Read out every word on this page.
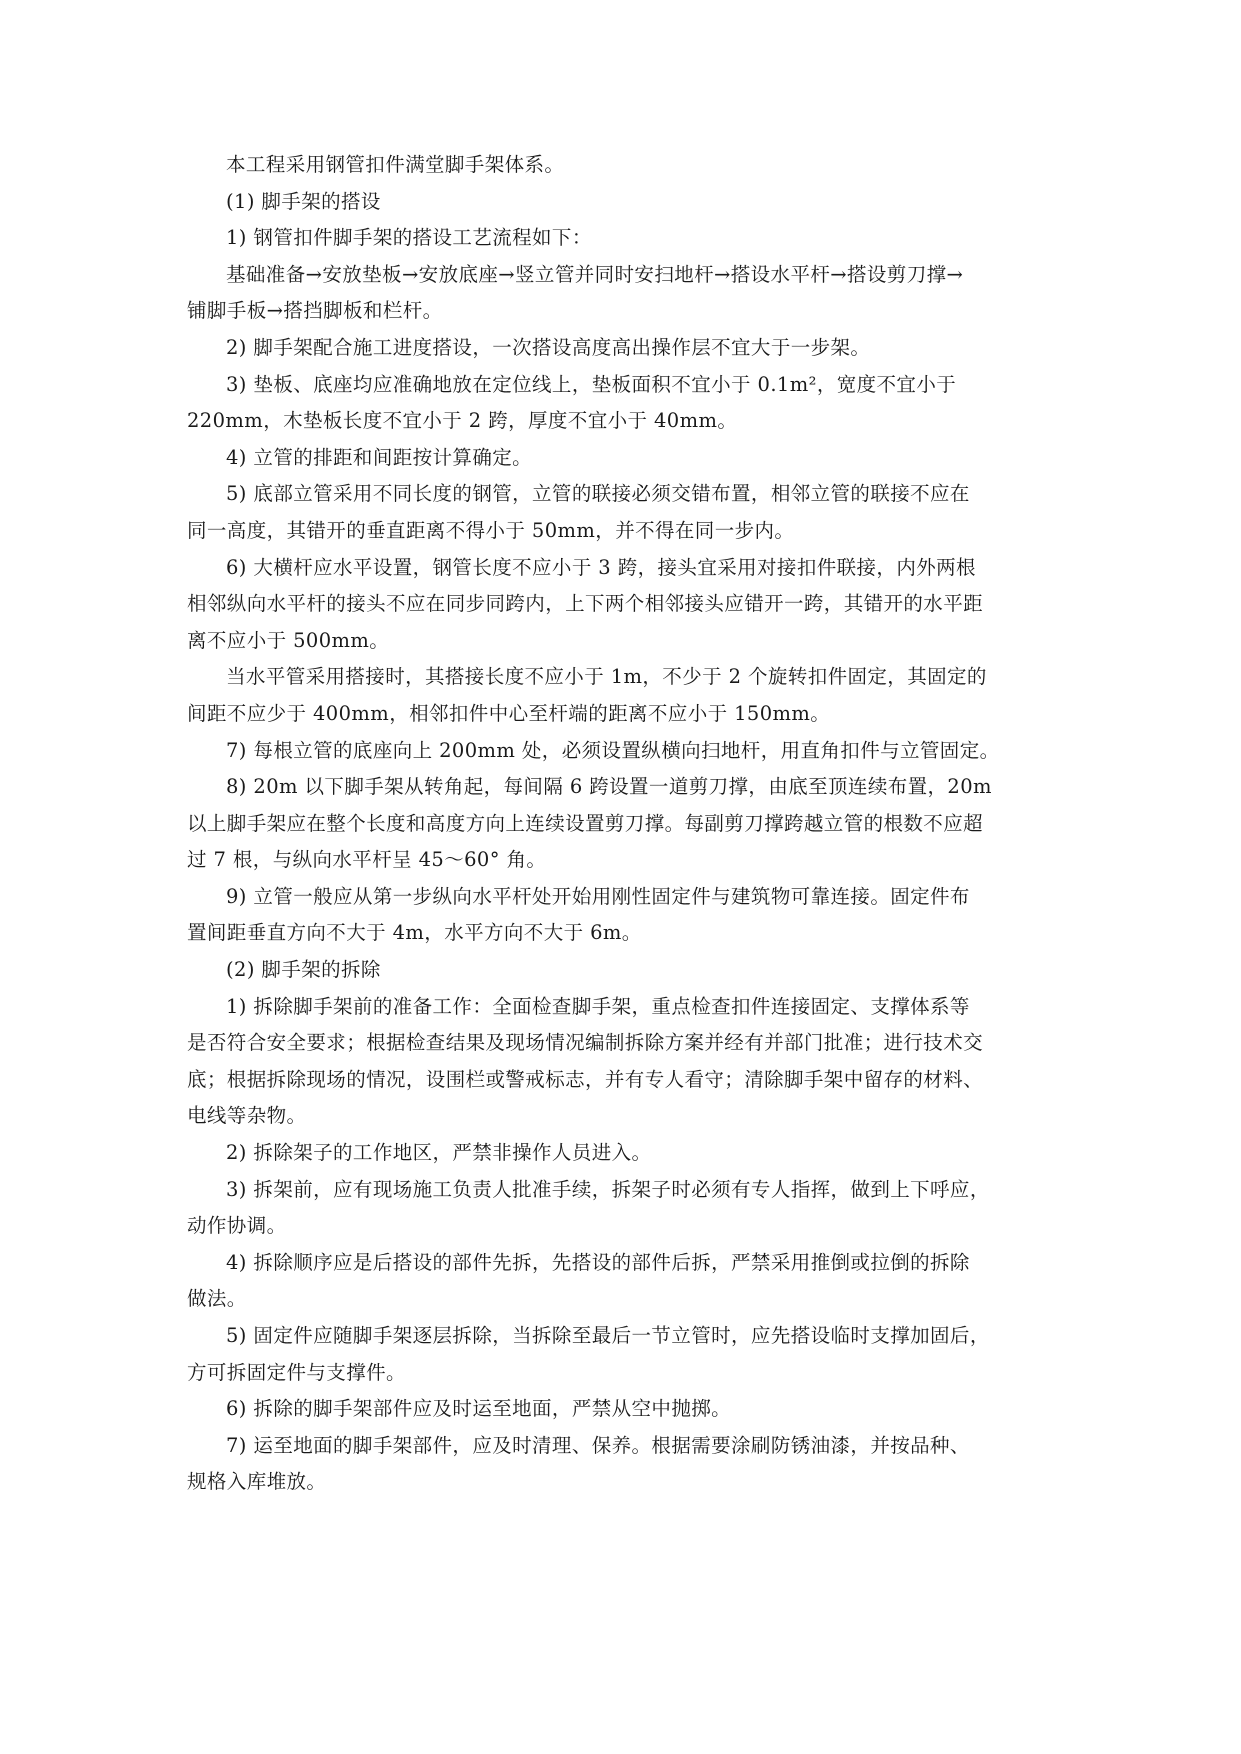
本工程采用钢管扣件满堂脚手架体系。

(1) 脚手架的搭设

1) 钢管扣件脚手架的搭设工艺流程如下：

基础准备→安放垫板→安放底座→竖立管并同时安扫地杆→搭设水平杆→搭设剪刀撑→
铺脚手板→搭挡脚板和栏杆。

2) 脚手架配合施工进度搭设，一次搭设高度高出操作层不宜大于一步架。

3) 垫板、底座均应准确地放在定位线上，垫板面积不宜小于 0.1m²，宽度不宜小于
220mm，木垫板长度不宜小于 2 跨，厚度不宜小于 40mm。

4) 立管的排距和间距按计算确定。

5) 底部立管采用不同长度的钢管，立管的联接必须交错布置，相邻立管的联接不应在
同一高度，其错开的垂直距离不得小于 50mm，并不得在同一步内。

6) 大横杆应水平设置，钢管长度不应小于 3 跨，接头宜采用对接扣件联接，内外两根
相邻纵向水平杆的接头不应在同步同跨内，上下两个相邻接头应错开一跨，其错开的水平距
离不应小于 500mm。

当水平管采用搭接时，其搭接长度不应小于 1m，不少于 2 个旋转扣件固定，其固定的
间距不应少于 400mm，相邻扣件中心至杆端的距离不应小于 150mm。

7) 每根立管的底座向上 200mm 处，必须设置纵横向扫地杆，用直角扣件与立管固定。

8) 20m 以下脚手架从转角起，每间隔 6 跨设置一道剪刀撑，由底至顶连续布置，20m
以上脚手架应在整个长度和高度方向上连续设置剪刀撑。每副剪刀撑跨越立管的根数不应超
过 7 根，与纵向水平杆呈 45～60° 角。

9) 立管一般应从第一步纵向水平杆处开始用刚性固定件与建筑物可靠连接。固定件布
置间距垂直方向不大于 4m，水平方向不大于 6m。

(2) 脚手架的拆除

1) 拆除脚手架前的准备工作：全面检查脚手架，重点检查扣件连接固定、支撑体系等
是否符合安全要求；根据检查结果及现场情况编制拆除方案并经有并部门批准；进行技术交
底；根据拆除现场的情况，设围栏或警戒标志，并有专人看守；清除脚手架中留存的材料、
电线等杂物。

2) 拆除架子的工作地区，严禁非操作人员进入。

3) 拆架前，应有现场施工负责人批准手续，拆架子时必须有专人指挥，做到上下呼应，
动作协调。

4) 拆除顺序应是后搭设的部件先拆，先搭设的部件后拆，严禁采用推倒或拉倒的拆除
做法。

5) 固定件应随脚手架逐层拆除，当拆除至最后一节立管时，应先搭设临时支撑加固后，
方可拆固定件与支撑件。

6) 拆除的脚手架部件应及时运至地面，严禁从空中抛掷。

7) 运至地面的脚手架部件，应及时清理、保养。根据需要涂刷防锈油漆，并按品种、
规格入库堆放。
